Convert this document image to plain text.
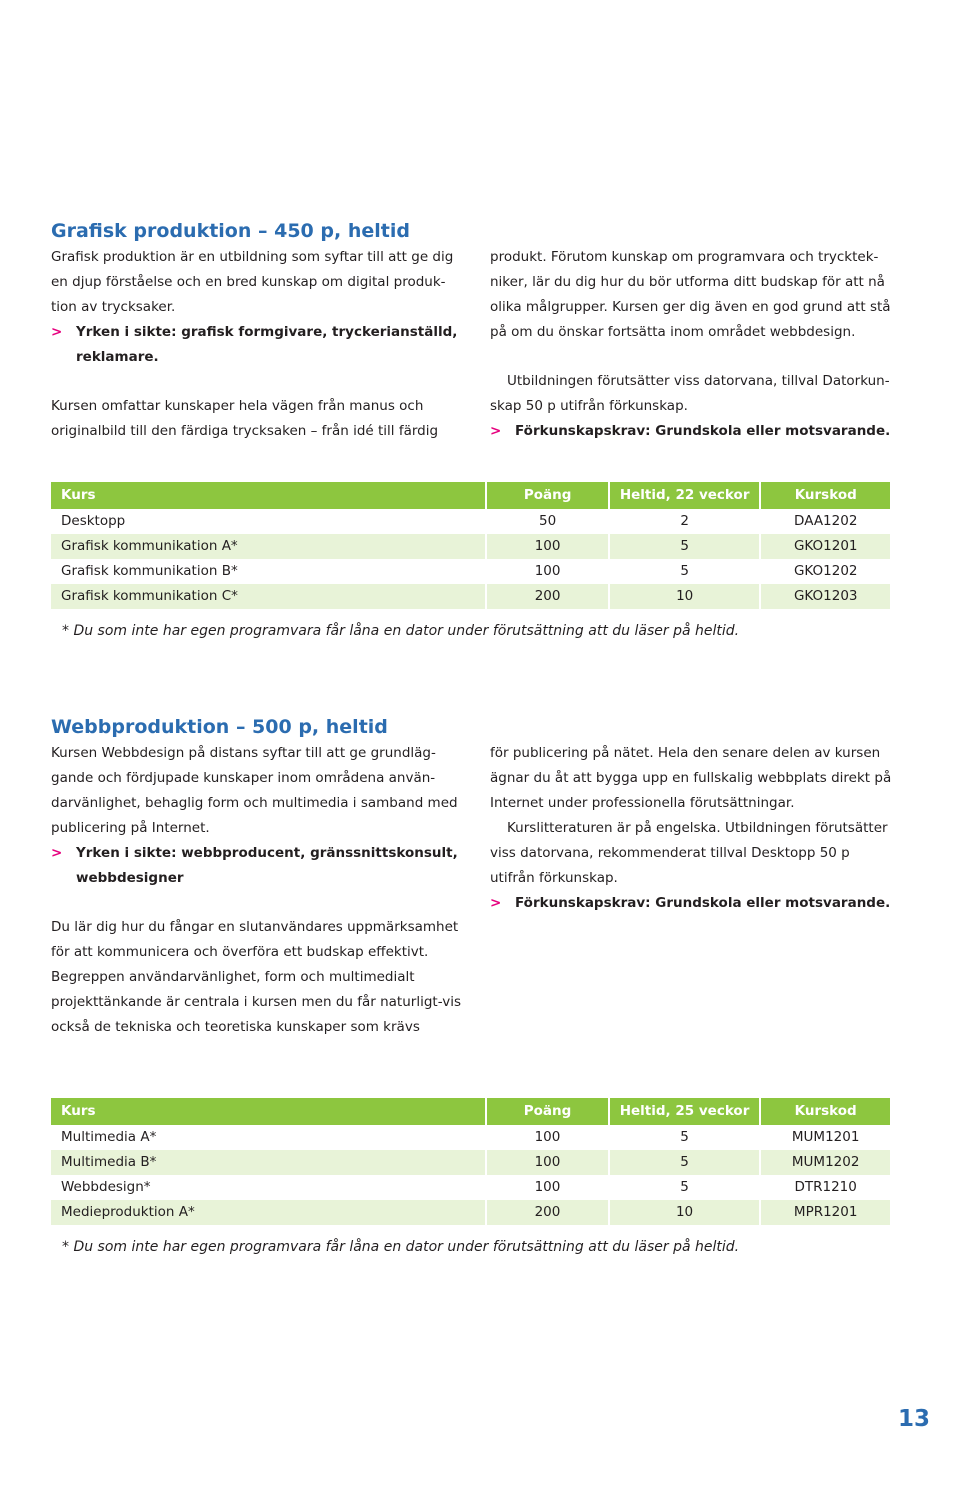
Grafisk produktion – 450 p, heltid

Grafisk produktion är en utbildning som syftar till att ge dig en djup förståelse och en bred kunskap om digital produk-tion av trycksaker.

> Yrken i sikte: grafisk formgivare, tryckerianställd, reklamare.

Kursen omfattar kunskaper hela vägen från manus och originalbild till den färdiga trycksaken – från idé till färdig

produkt. Förutom kunskap om programvara och trycktek-niker, lär du dig hur du bör utforma ditt budskap för att nå olika målgrupper. Kursen ger dig även en god grund att stå på om du önskar fortsätta inom området webbdesign.

Utbildningen förutsätter viss datorvana, tillval Datorkun-skap 50 p utifrån förkunskap.

> Förkunskapskrav: Grundskola eller motsvarande.

Kurs	Poäng	Heltid, 22 veckor	Kurskod
Desktopp	50	2	DAA1202
Grafisk kommunikation A*	100	5	GKO1201
Grafisk kommunikation B*	100	5	GKO1202
Grafisk kommunikation C*	200	10	GKO1203
* Du som inte har egen programvara får låna en dator under förutsättning att du läser på heltid.
Webbproduktion – 500 p, heltid

Kursen Webbdesign på distans syftar till att ge grundläg-gande och fördjupade kunskaper inom områdena använ-darvänlighet, behaglig form och multimedia i samband med publicering på Internet.

> Yrken i sikte: webbproducent, gränssnittskonsult, webbdesigner

Du lär dig hur du fångar en slutanvändares uppmärksamhet för att kommunicera och överföra ett budskap effektivt. Begreppen användarvänlighet, form och multimedialt projekttänkande är centrala i kursen men du får naturligt-vis också de tekniska och teoretiska kunskaper som krävs

för publicering på nätet. Hela den senare delen av kursen ägnar du åt att bygga upp en fullskalig webbplats direkt på Internet under professionella förutsättningar.

Kurslitteraturen är på engelska. Utbildningen förutsätter viss datorvana, rekommenderat tillval Desktopp 50 p utifrån förkunskap.

> Förkunskapskrav: Grundskola eller motsvarande.

Kurs	Poäng	Heltid, 25 veckor	Kurskod
Multimedia A*	100	5	MUM1201
Multimedia B*	100	5	MUM1202
Webbdesign*	100	5	DTR1210
Medieproduktion A*	200	10	MPR1201
* Du som inte har egen programvara får låna en dator under förutsättning att du läser på heltid.
13
